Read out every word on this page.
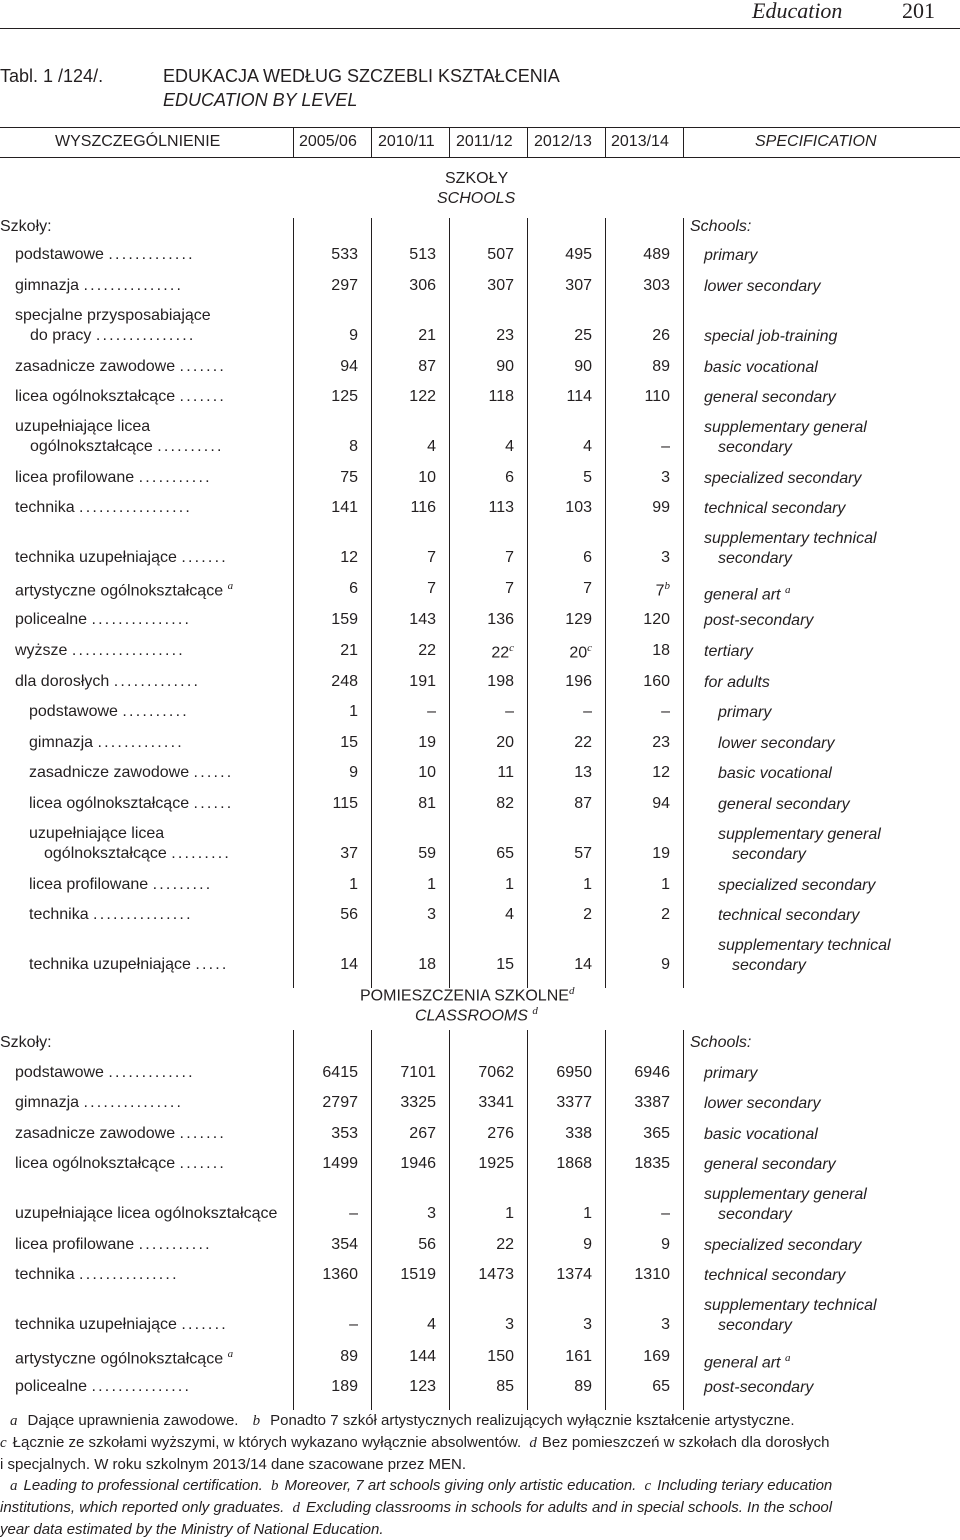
Education	201
Tabl. 1 /124/.	EDUKACJA WEDŁUG SZCZEBLI KSZTAŁCENIA
EDUCATION BY LEVEL
WYSZCZEGÓLNIENIE	2005/06 2010/11 2011/12 2012/13 2013/14	SPECIFICATION
SZKOŁY
SCHOOLS
Szkoły:	Schools:
podstawowe .............	533	513	507	495	489 primary
gimnazja ...............	297	306	307	307	303 lower secondary
specjalne przysposabiające
do pracy ...............	9	21	23	25	26 special job-training
zasadnicze zawodowe .......	94	87	90	90	89 basic vocational
licea ogólnokształcące .......	125	122	118	114	110 general secondary
uzupełniające licea
ogólnokształcące ..........	8	4	4	4	–
supplementary general
secondary
licea profilowane ...........	75	10	6	5	3 specialized secondary
technika .................	141	116	113	103	99 technical secondary
technika uzupełniające .......	12	7	7	6	3
supplementary technical
secondary
artystyczne ogólnokształcące $^a$	6	7	7	7	7$^b$
general art $^a$
policealne ...............	159	143	136	129	120 post-secondary
wyższe .................	21	22	22$^c$	20$^c$	18 tertiary
dla dorosłych .............	248	191	198	196	160 for adults
podstawowe ..........	1	–	–	–	–	primary
gimnazja .............	15	19	20	22	23	lower secondary
zasadnicze zawodowe ......	9	10	11	13	12	basic vocational
licea ogólnokształcące ......	115	81	82	87	94	general secondary
uzupełniające licea
ogólnokształcące .........	37	59	65	57	19
supplementary general
secondary
licea profilowane .........	1	1	1	1	1	specialized secondary
technika ...............	56	3	4	2	2	technical secondary
technika uzupełniające .....	14	18	15	14	9
supplementary technical
secondary
POMIESZCZENIA SZKOLNE$^d$
CLASSROOMS $^d$
Szkoły:	Schools:
podstawowe .............	6415	7101	7062	6950	6946 primary
gimnazja ...............	2797	3325	3341	3377	3387 lower secondary
zasadnicze zawodowe .......	353	267	276	338	365 basic vocational
licea ogólnokształcące .......	1499	1946	1925	1868	1835 general secondary
uzupełniające licea ogólnokształcące	–	3	1	1	–
supplementary general
secondary
licea profilowane ...........	354	56	22	9	9 specialized secondary
technika ...............	1360	1519	1473	1374	1310 technical secondary
technika uzupełniające .......	–	4	3	3	3
supplementary technical
secondary
artystyczne ogólnokształcące $^a$	89	144	150	161	169 general art $^a$
policealne ...............	189	123	85	89	65 post-secondary
a Dające uprawnienia zawodowe. b Ponadto 7 szkół artystycznych realizujących wyłącznie kształcenie artystyczne.
c Łącznie ze szkołami wyższymi, w których wykazano wyłącznie absolwentów. d Bez pomieszczeń w szkołach dla dorosłych
i specjalnych. W roku szkolnym 2013/14 dane szacowane przez MEN.
a Leading to professional certification. b Moreover, 7 art schools giving only artistic education. c Including teriary education
institutions, which reported only graduates. d Excluding classrooms in schools for adults and in special schools. In the school
year data estimated by the Ministry of National Education.
